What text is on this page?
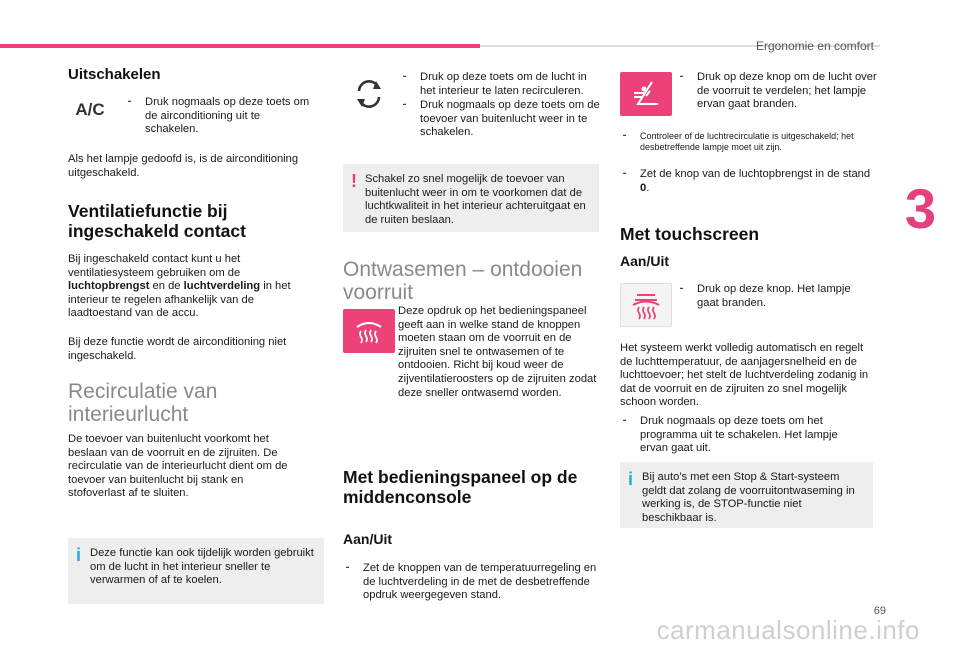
Ergonomie en comfort
3
69
carmanualsonline.info
Uitschakelen
A/C
⁃	Druk nogmaals op deze toets om de airconditioning uit te schakelen.
Als het lampje gedoofd is, is de airconditioning uitgeschakeld.
Ventilatiefunctie bij ingeschakeld contact
Bij ingeschakeld contact kunt u het ventilatiesysteem gebruiken om de luchtopbrengst en de luchtverdeling in het interieur te regelen afhankelijk van de laadtoestand van de accu.
Bij deze functie wordt de airconditioning niet ingeschakeld.
Recirculatie van interieurlucht
De toevoer van buitenlucht voorkomt het beslaan van de voorruit en de zijruiten. De recirculatie van de interieurlucht dient om de toevoer van buitenlucht bij stank en stofoverlast af te sluiten.
i Deze functie kan ook tijdelijk worden gebruikt om de lucht in het interieur sneller te verwarmen of af te koelen.
⁃ Druk op deze toets om de lucht in het interieur te laten recirculeren.
⁃ Druk nogmaals op deze toets om de toevoer van buitenlucht weer in te schakelen.
! Schakel zo snel mogelijk de toevoer van buitenlucht weer in om te voorkomen dat de luchtkwaliteit in het interieur achteruitgaat en de ruiten beslaan.
Ontwasemen – ontdooien voorruit
Deze opdruk op het bedieningspaneel geeft aan in welke stand de knoppen moeten staan om de voorruit en de zijruiten snel te ontwasemen of te ontdooien. Richt bij koud weer de zijventilatieroosters op de zijruiten zodat deze sneller ontwasemd worden.
Met bedieningspaneel op de middenconsole
Aan/Uit
⁃ Zet de knoppen van de temperatuurregeling en de luchtverdeling in de met de desbetreffende opdruk weergegeven stand.
⁃ Druk op deze knop om de lucht over de voorruit te verdelen; het lampje ervan gaat branden.
⁃ Controleer of de luchtrecirculatie is uitgeschakeld; het desbetreffende lampje moet uit zijn.
⁃ Zet de knop van de luchtopbrengst in de stand 0.
Met touchscreen
Aan/Uit
⁃ Druk op deze knop. Het lampje gaat branden.
Het systeem werkt volledig automatisch en regelt de luchttemperatuur, de aanjagersnelheid en de luchttoevoer; het stelt de luchtverdeling zodanig in dat de voorruit en de zijruiten zo snel mogelijk schoon worden.
⁃ Druk nogmaals op deze toets om het programma uit te schakelen. Het lampje ervan gaat uit.
i Bij auto's met een Stop & Start-systeem geldt dat zolang de voorruitontwaseming in werking is, de STOP-functie niet beschikbaar is.
